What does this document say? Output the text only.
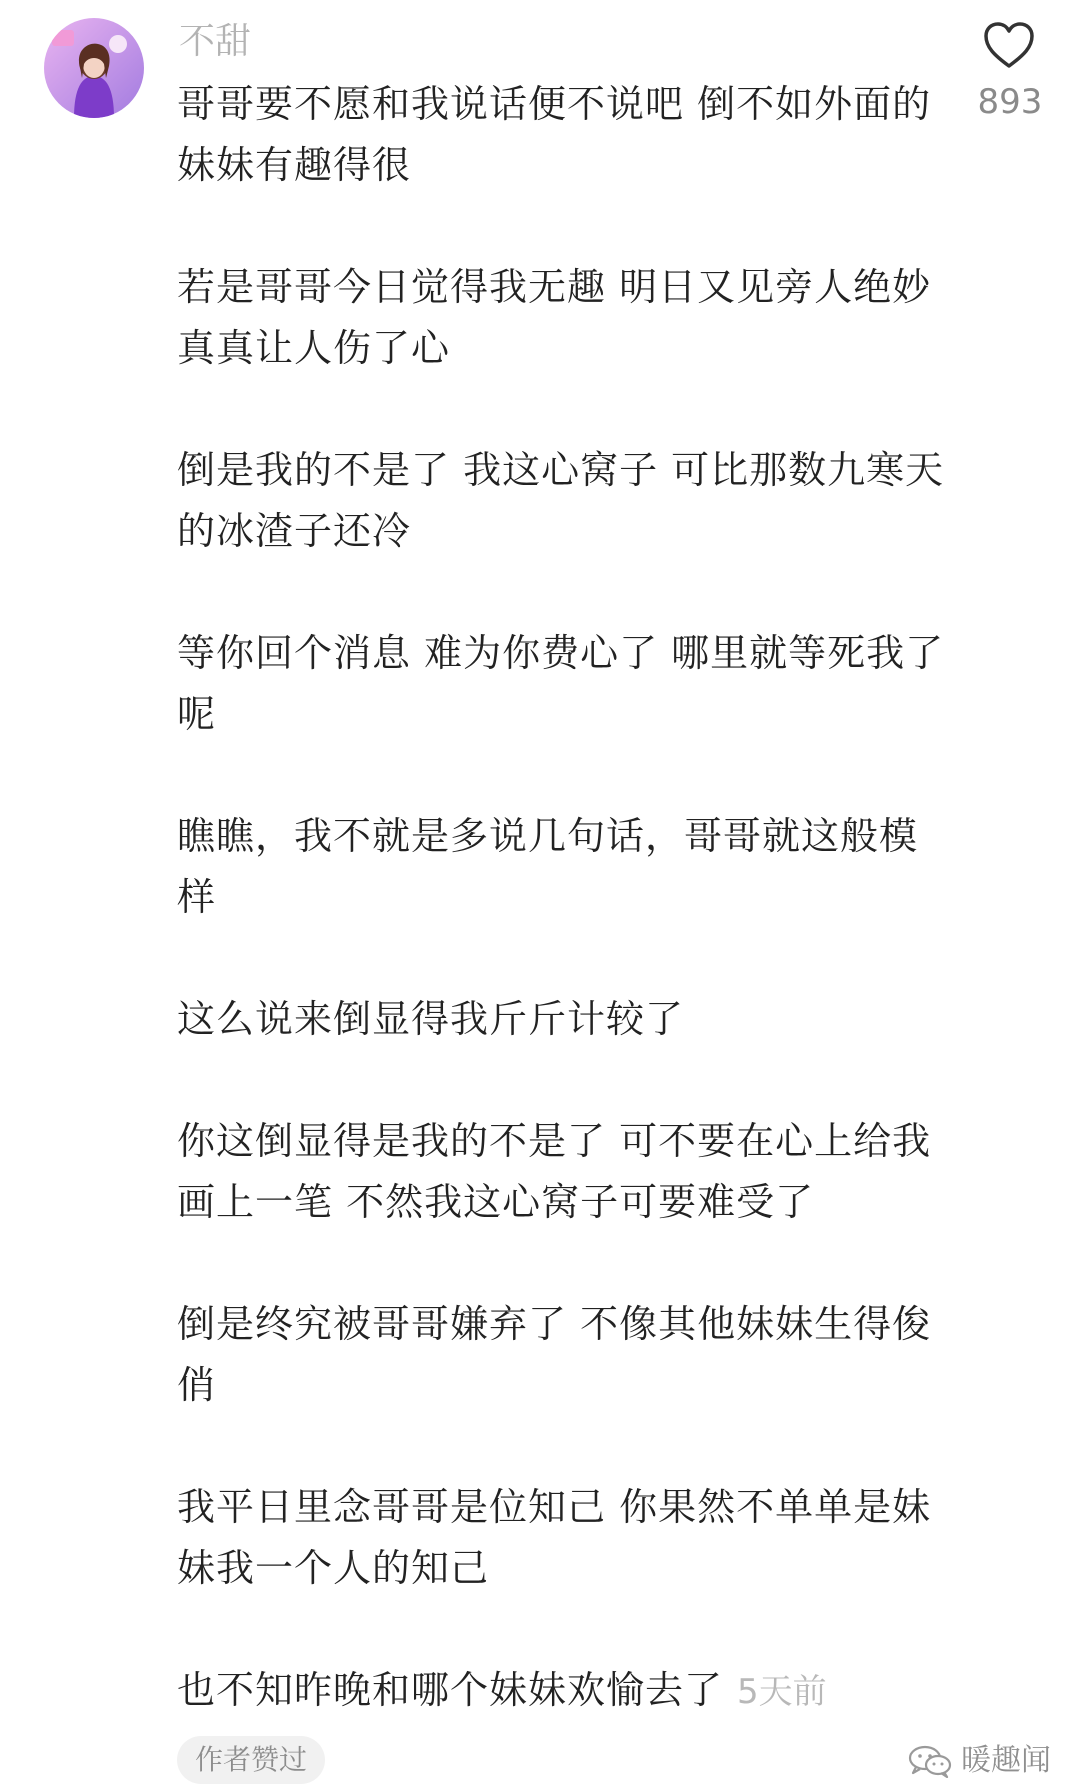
不甜
893
哥哥要不愿和我说话便不说吧 倒不如外面的妹妹有趣得很
若是哥哥今日觉得我无趣 明日又见旁人绝妙 真真让人伤了心
倒是我的不是了 我这心窝子 可比那数九寒天的冰渣子还冷
等你回个消息 难为你费心了 哪里就等死我了呢
瞧瞧，我不就是多说几句话，哥哥就这般模样
这么说来倒显得我斤斤计较了
你这倒显得是我的不是了 可不要在心上给我画上一笔 不然我这心窝子可要难受了
倒是终究被哥哥嫌弃了 不像其他妹妹生得俊俏
我平日里念哥哥是位知己 你果然不单单是妹妹我一个人的知己
也不知昨晚和哪个妹妹欢愉去了 5天前
作者赞过	暖趣闻
